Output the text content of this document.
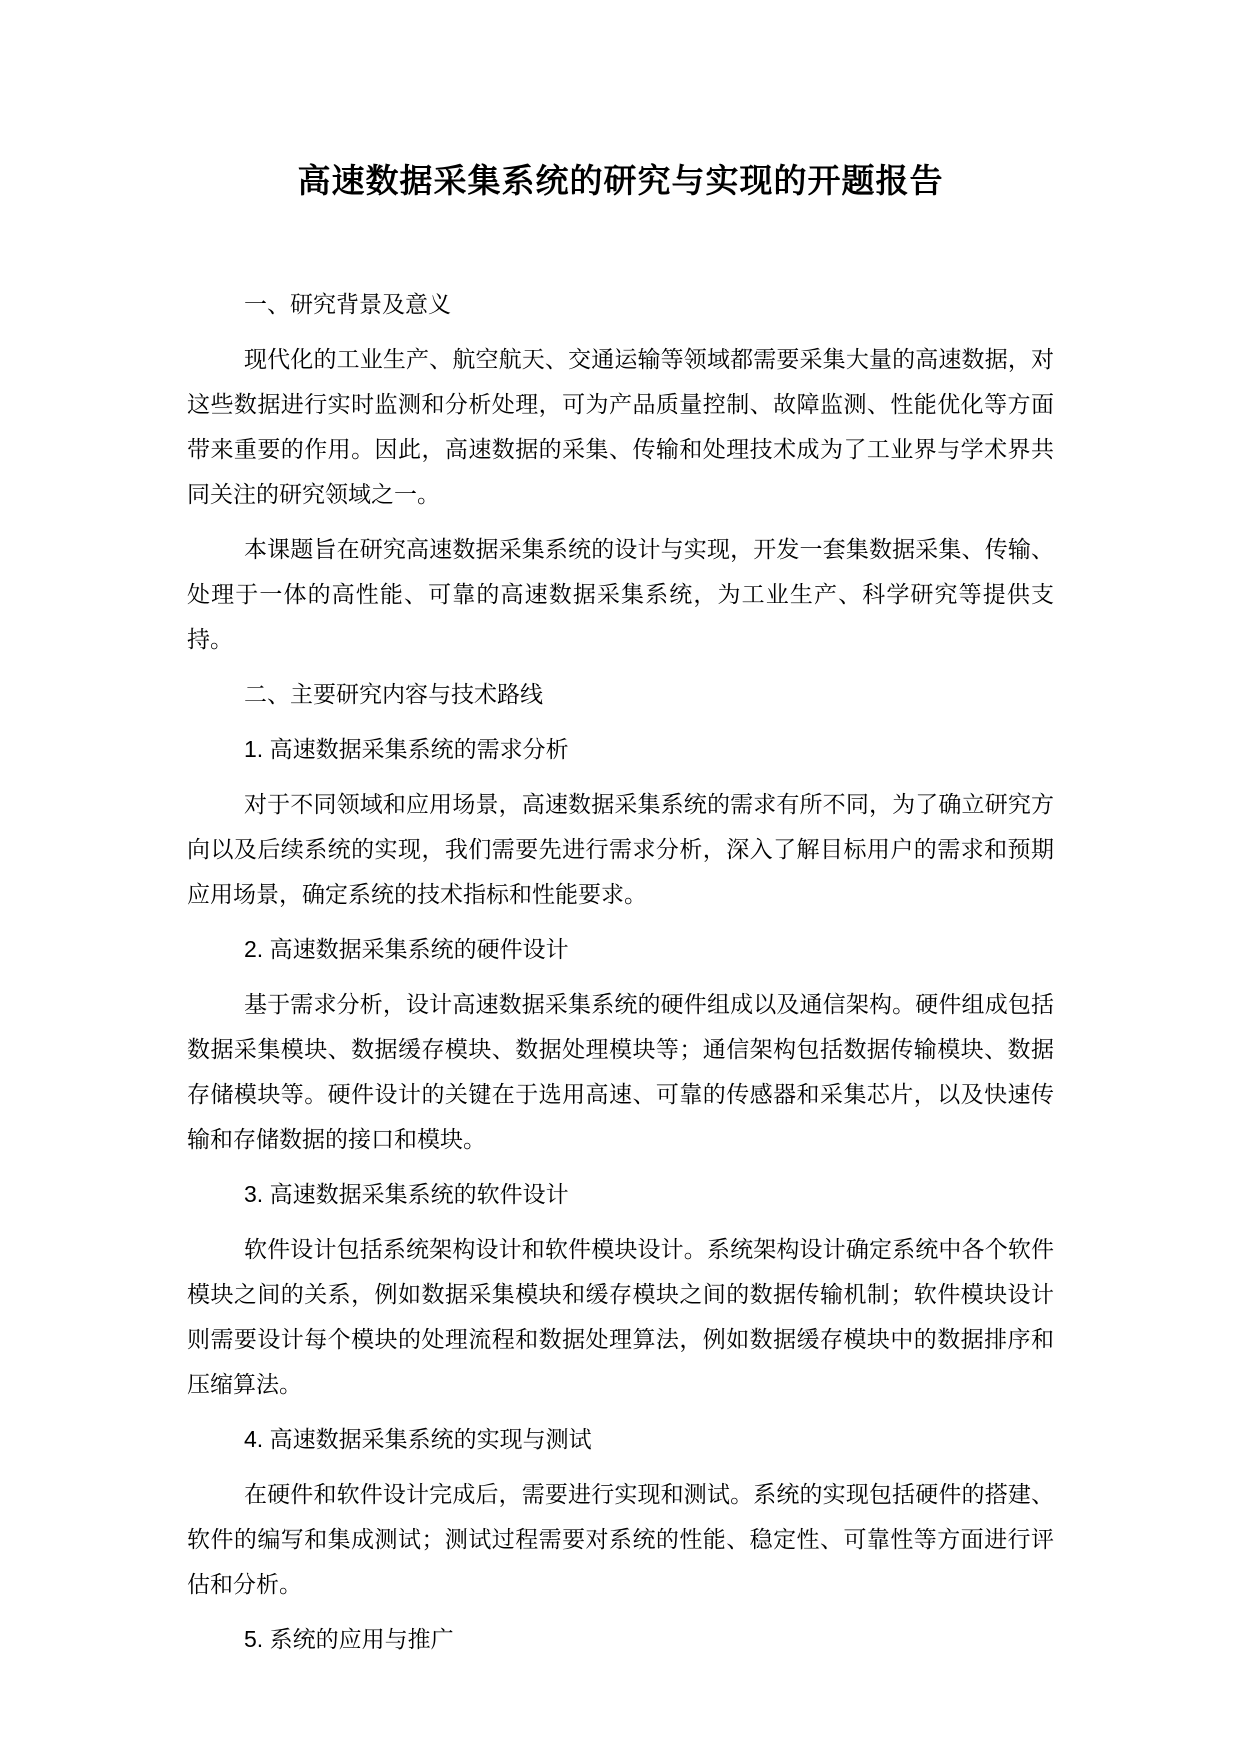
高速数据采集系统的研究与实现的开题报告

一、研究背景及意义

现代化的工业生产、航空航天、交通运输等领域都需要采集大量的高速数据，对这些数据进行实时监测和分析处理，可为产品质量控制、故障监测、性能优化等方面带来重要的作用。因此，高速数据的采集、传输和处理技术成为了工业界与学术界共同关注的研究领域之一。

本课题旨在研究高速数据采集系统的设计与实现，开发一套集数据采集、传输、处理于一体的高性能、可靠的高速数据采集系统，为工业生产、科学研究等提供支持。

二、主要研究内容与技术路线

1. 高速数据采集系统的需求分析

对于不同领域和应用场景，高速数据采集系统的需求有所不同，为了确立研究方向以及后续系统的实现，我们需要先进行需求分析，深入了解目标用户的需求和预期应用场景，确定系统的技术指标和性能要求。

2. 高速数据采集系统的硬件设计

基于需求分析，设计高速数据采集系统的硬件组成以及通信架构。硬件组成包括数据采集模块、数据缓存模块、数据处理模块等；通信架构包括数据传输模块、数据存储模块等。硬件设计的关键在于选用高速、可靠的传感器和采集芯片，以及快速传输和存储数据的接口和模块。

3. 高速数据采集系统的软件设计

软件设计包括系统架构设计和软件模块设计。系统架构设计确定系统中各个软件模块之间的关系，例如数据采集模块和缓存模块之间的数据传输机制；软件模块设计则需要设计每个模块的处理流程和数据处理算法，例如数据缓存模块中的数据排序和压缩算法。

4. 高速数据采集系统的实现与测试

在硬件和软件设计完成后，需要进行实现和测试。系统的实现包括硬件的搭建、软件的编写和集成测试；测试过程需要对系统的性能、稳定性、可靠性等方面进行评估和分析。

5. 系统的应用与推广
